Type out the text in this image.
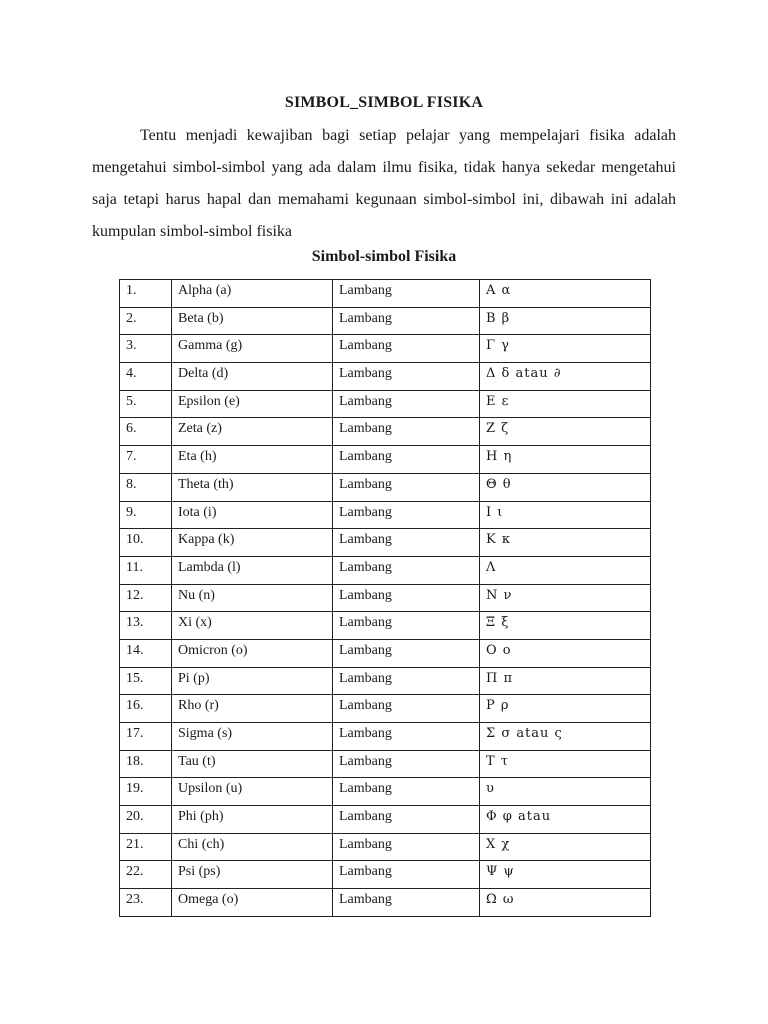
SIMBOL_SIMBOL FISIKA

Tentu menjadi kewajiban bagi setiap pelajar yang mempelajari fisika adalah mengetahui simbol-simbol yang ada dalam ilmu fisika, tidak hanya sekedar mengetahui saja tetapi harus hapal dan memahami kegunaan simbol-simbol ini, dibawah ini adalah kumpulan simbol-simbol fisika

Simbol-simbol Fisika
1.	Alpha (a)	Lambang	Α α
2.	Beta (b)	Lambang	Β β
3.	Gamma (g)	Lambang	Γ γ
4.	Delta (d)	Lambang	Δ δ atau ∂
5.	Epsilon (e)	Lambang	Ε ε
6.	Zeta (z)	Lambang	Ζ ζ
7.	Eta (h)	Lambang	Η η
8.	Theta (th)	Lambang	Θ θ
9.	Iota (i)	Lambang	Ι ι
10.	Kappa (k)	Lambang	Κ κ
11.	Lambda (l)	Lambang	Λ
12.	Nu (n)	Lambang	Ν ν
13.	Xi (x)	Lambang	Ξ ξ
14.	Omicron (o)	Lambang	Ο ο
15.	Pi (p)	Lambang	Π π
16.	Rho (r)	Lambang	Ρ ρ
17.	Sigma (s)	Lambang	Σ σ atau ς
18.	Tau (t)	Lambang	Τ τ
19.	Upsilon (u)	Lambang	υ
20.	Phi (ph)	Lambang	Φ φ atau
21.	Chi (ch)	Lambang	Χ χ
22.	Psi (ps)	Lambang	Ψ ψ
23.	Omega (o)	Lambang	Ω ω
